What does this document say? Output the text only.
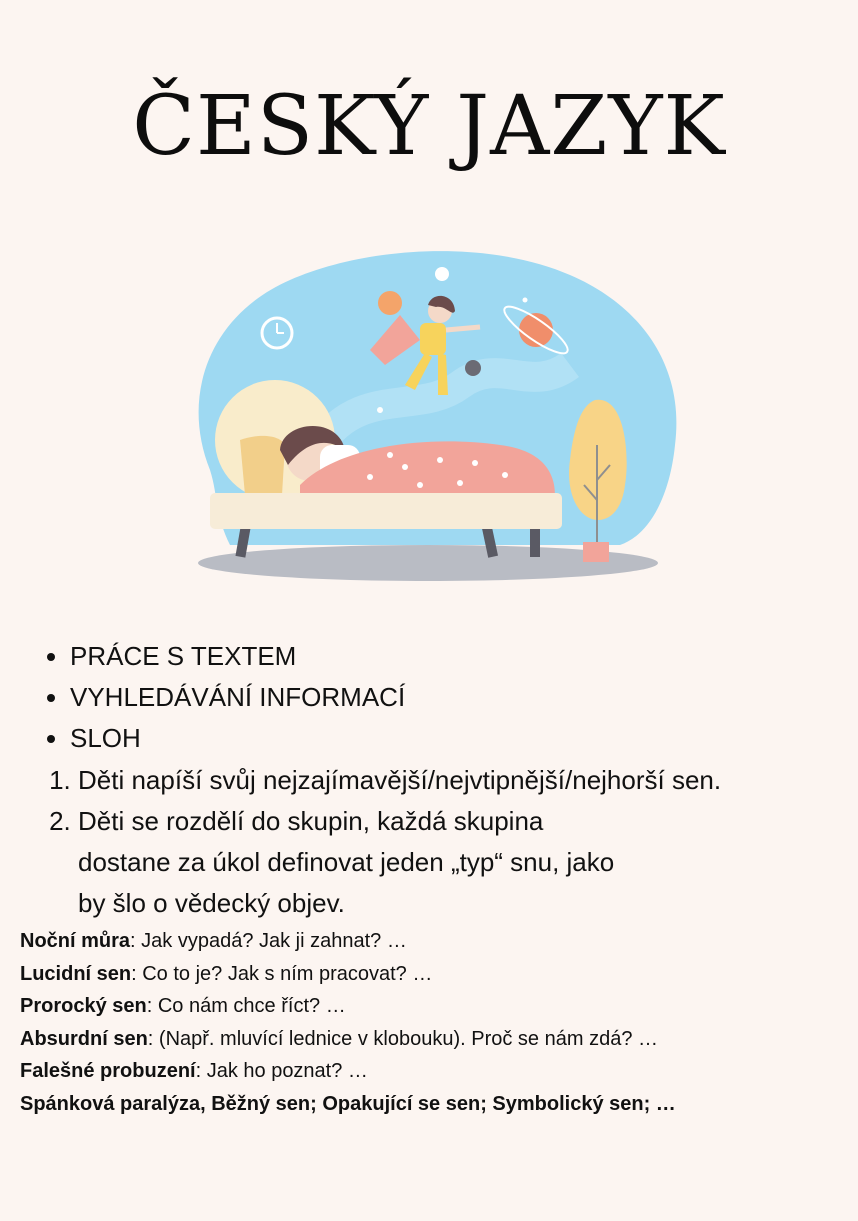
ČESKÝ JAZYK
• PRÁCE S TEXTEM
• VYHLEDÁVÁNÍ INFORMACÍ
• SLOH
1. Děti napíší svůj nejzajímavější/nejvtipnější/nejhorší sen.
2. Děti se rozdělí do skupin, každá skupina dostane za úkol definovat jeden „typ“ snu, jako by šlo o vědecký objev.
Noční můra: Jak vypadá? Jak ji zahnat? …
Lucidní sen: Co to je? Jak s ním pracovat? …
Prorocký sen: Co nám chce říct? …
Absurdní sen: (Např. mluvící lednice v klobouku). Proč se nám zdá? …
Falešné probuzení: Jak ho poznat? …
Spánková paralýza, Běžný sen; Opakující se sen; Symbolický sen; …
